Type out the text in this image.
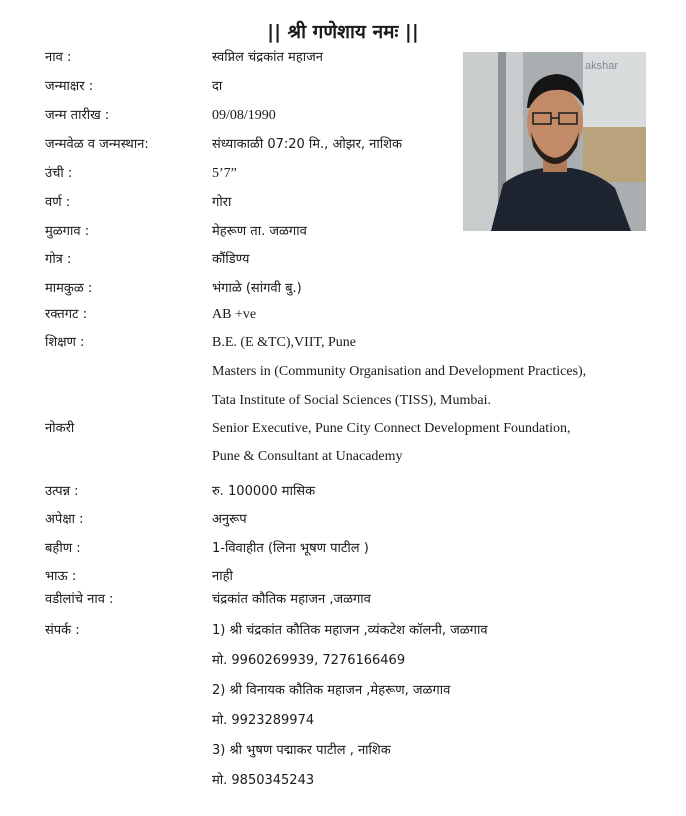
|| श्री गणेशाय नमः ||
akshar
नाव :	स्वप्निल चंद्रकांत महाजन
जन्माक्षर :	दा
जन्म तारीख :	09/08/1990
जन्मवेळ व जन्मस्थान:	संध्याकाळी 07:20 मि., ओझर, नाशिक
उंची :	5’7”
वर्ण :	गोरा
मुळगाव :	मेहरूण ता. जळगाव
गोत्र :	कौंडिण्य
मामकुळ :	भंगाळे (सांगवी बु.)
रक्तगट :	AB +ve
शिक्षण :	B.E. (E &TC),VIIT, Pune
Masters in (Community Organisation and Development Practices),
Tata Institute of Social Sciences (TISS), Mumbai.
नोकरी	Senior Executive, Pune City Connect Development Foundation,
Pune & Consultant at Unacademy
उत्पन्न :	रु. 100000 मासिक
अपेक्षा :	अनुरूप
बहीण :	1-विवाहीत (लिना भूषण पाटील )
भाऊ :	नाही
वडीलांचे नाव :	चंद्रकांत कौतिक महाजन ,जळगाव
संपर्क :	1) श्री चंद्रकांत कौतिक महाजन ,व्यंकटेश कॉलनी, जळगाव
मो. 9960269939, 7276166469
2) श्री विनायक कौतिक महाजन ,मेहरूण, जळगाव
मो. 9923289974
3) श्री भुषण पद्माकर पाटील , नाशिक
मो. 9850345243
